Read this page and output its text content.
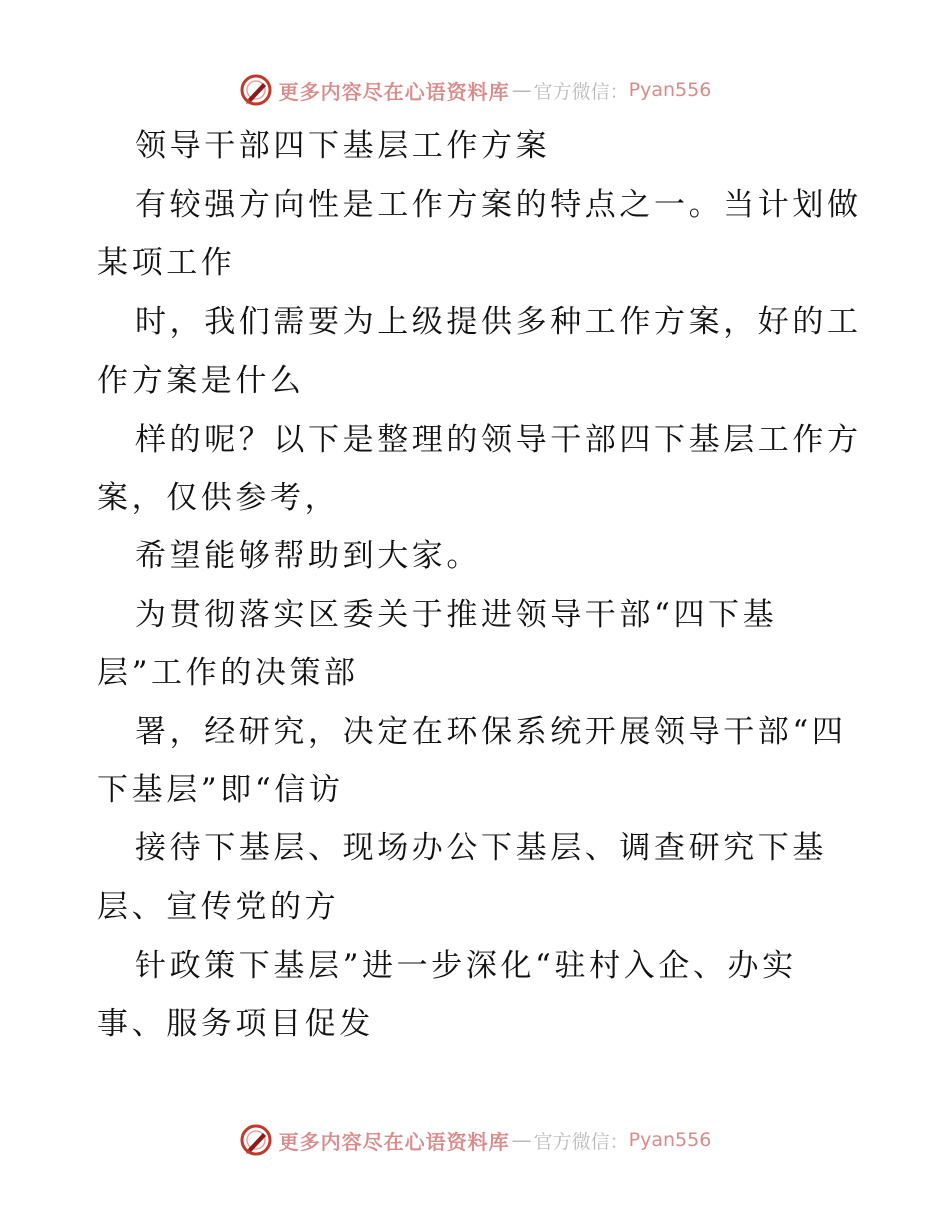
更多内容尽在心语资料库 — 官方微信： Pyan556
领导干部四下基层工作方案
有较强方向性是工作方案的特点之一。当计划做
某项工作
时，我们需要为上级提供多种工作方案，好的工
作方案是什么
样的呢？以下是整理的领导干部四下基层工作方
案，仅供参考，
希望能够帮助到大家。
为贯彻落实区委关于推进领导干部“四下基
层”工作的决策部
署，经研究，决定在环保系统开展领导干部“四
下基层”即“信访
接待下基层、现场办公下基层、调查研究下基
层、宣传党的方
针政策下基层”进一步深化“驻村入企、办实
事、服务项目促发
更多内容尽在心语资料库 — 官方微信： Pyan556
